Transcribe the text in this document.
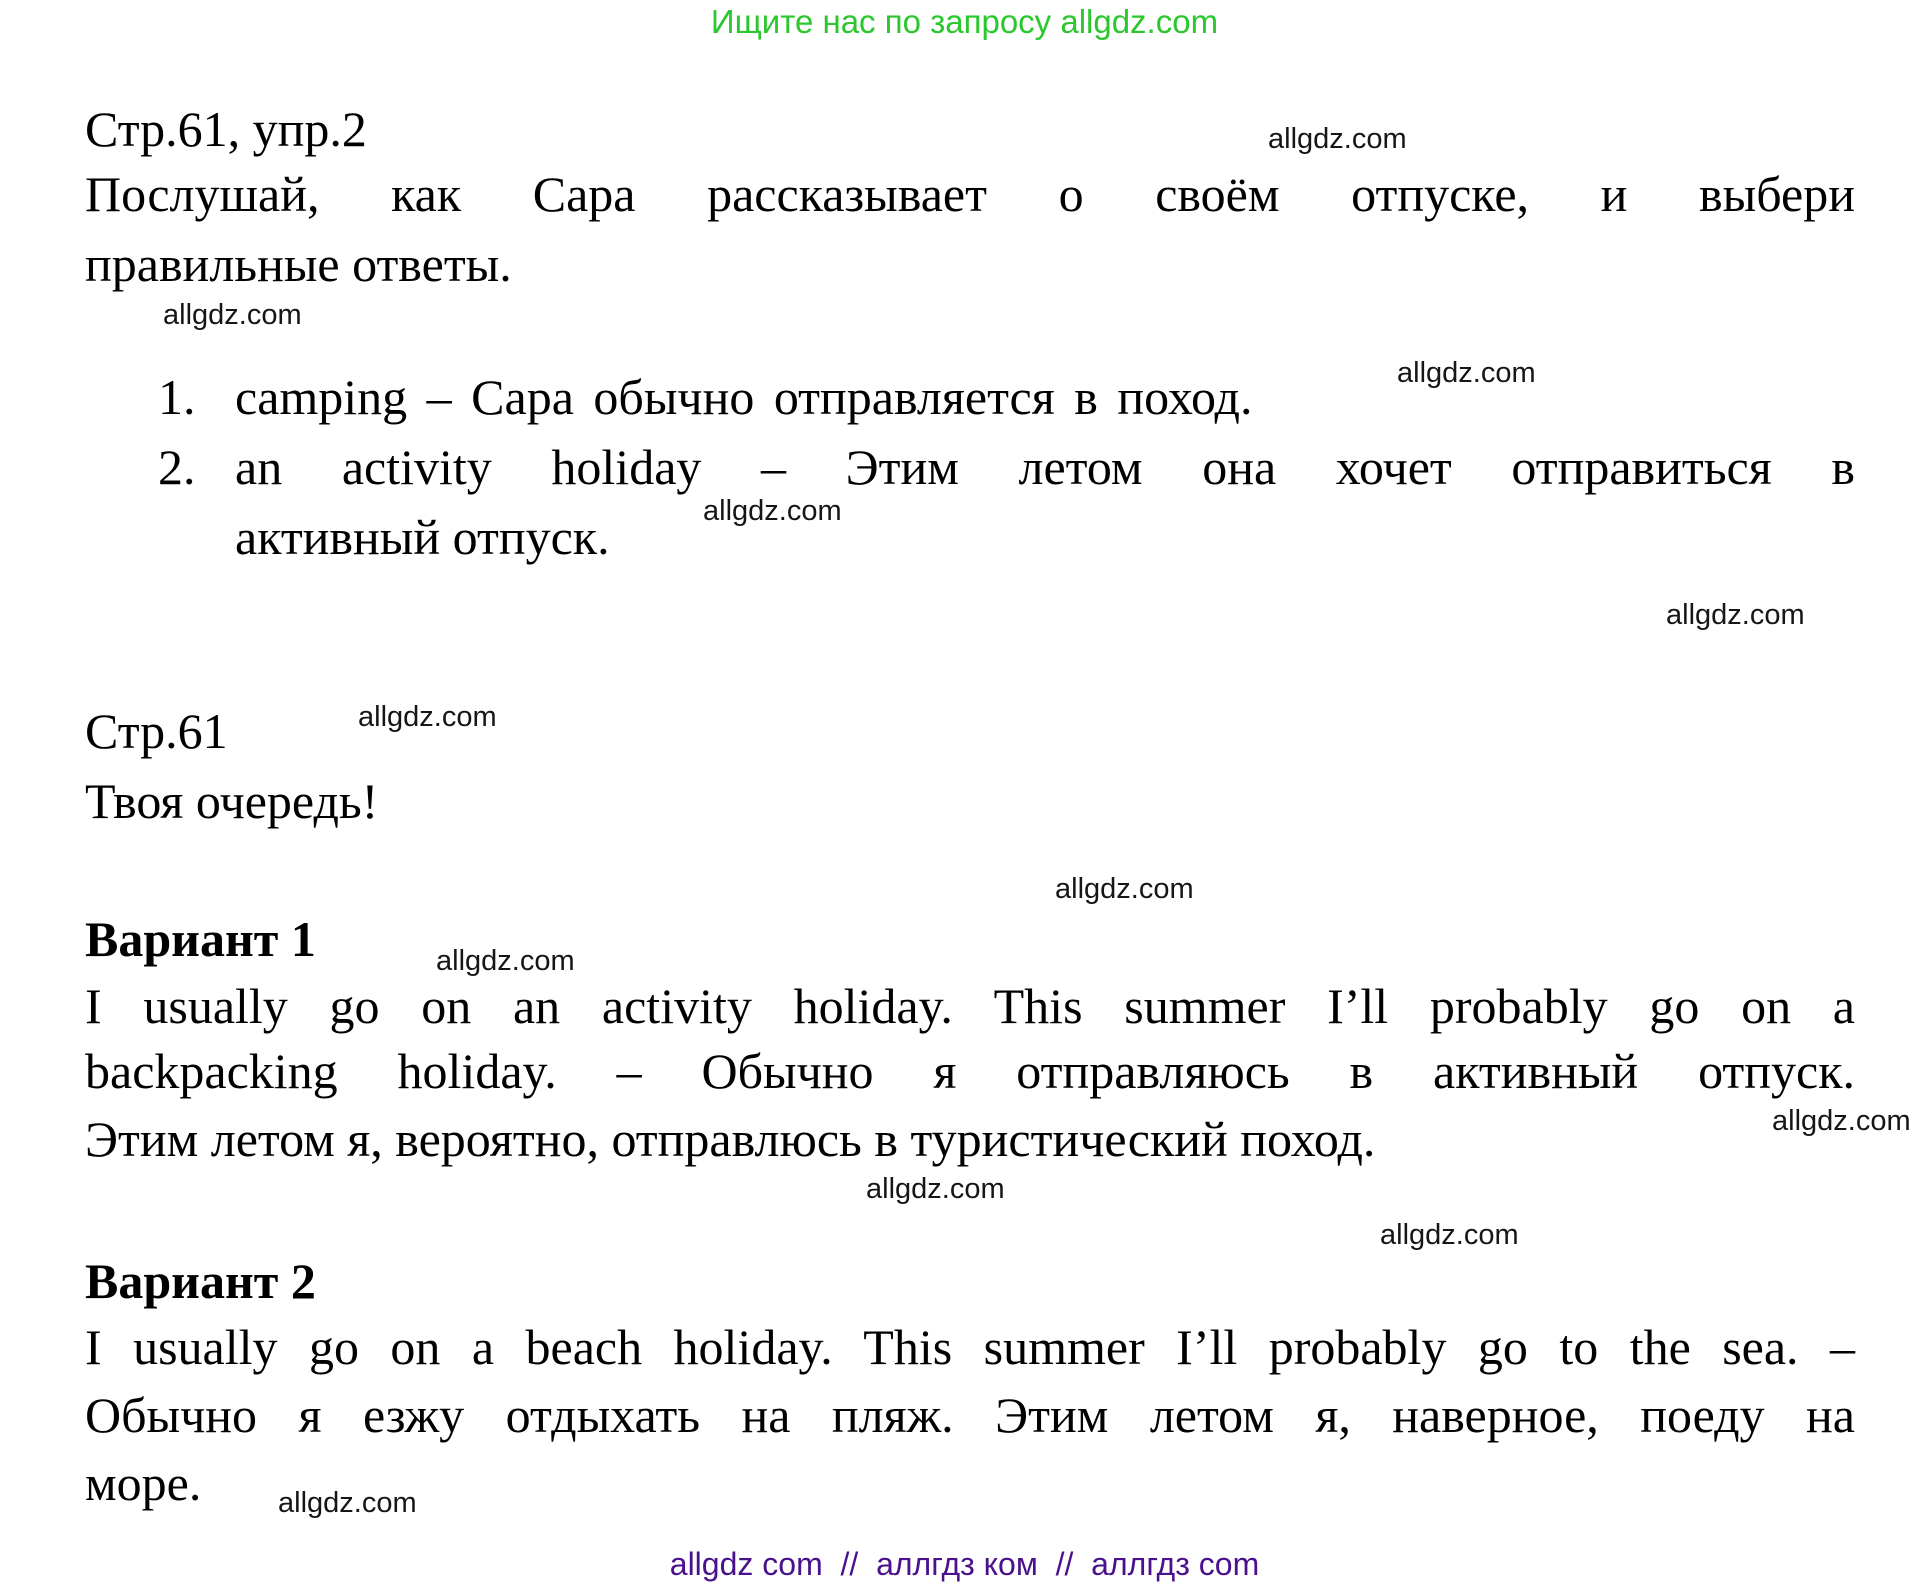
Ищите нас по запросу allgdz.com
Стр.61, упр.2
Послушай, как Сара рассказывает о своём отпуске, и выбери
правильные ответы.
1. camping – Сара обычно отправляется в поход.
2. an activity holiday – Этим летом она хочет отправиться в
активный отпуск.
Стр.61
Твоя очередь!
Вариант 1
I usually go on an activity holiday. This summer I’ll probably go on a
backpacking holiday. – Обычно я отправляюсь в активный отпуск.
Этим летом я, вероятно, отправлюсь в туристический поход.
Вариант 2
I usually go on a beach holiday. This summer I’ll probably go to the sea. –
Обычно я езжу отдыхать на пляж. Этим летом я, наверное, поеду на
море.
allgdz.com
allgdz.com
allgdz.com
allgdz.com
allgdz.com
allgdz.com
allgdz.com
allgdz.com
allgdz.com
allgdz.com
allgdz.com
allgdz.com
allgdz com  //  аллгдз ком  //  аллгдз com
